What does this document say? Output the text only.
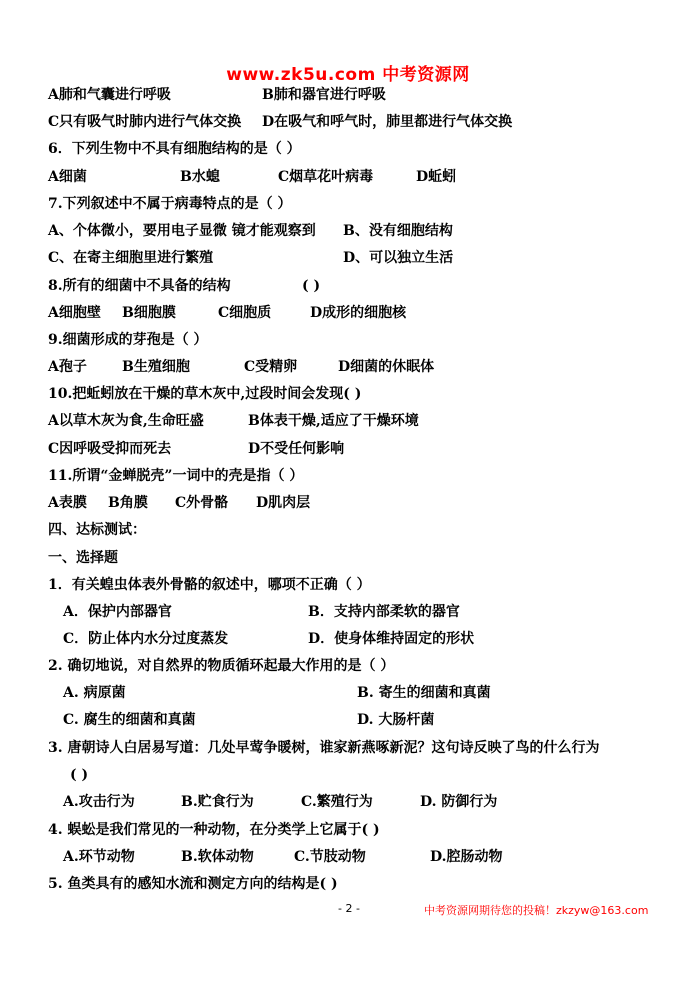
www.zk5u.com 中考资源网
A肺和气囊进行呼吸	B肺和器官进行呼吸
C只有吸气时肺内进行气体交换 D在吸气和呼气时，肺里都进行气体交换
6．下列生物中不具有细胞结构的是（ ）
A细菌	B水螅	C烟草花叶病毒	D蚯蚓
7.下列叙述中不属于病毒特点的是（ ）
A、个体微小，要用电子显微 镜才能观察到 B、没有细胞结构
C、在寄主细胞里进行繁殖	D、可以独立生活
8.所有的细菌中不具备的结构	( )
A细胞壁 B细胞膜	C细胞质	D成形的细胞核
9.细菌形成的芽孢是（ ）
A孢子	B生殖细胞	C受精卵	D细菌的休眠体
10.把蚯蚓放在干燥的草木灰中,过段时间会发现( )
A以草木灰为食,生命旺盛	B体表干燥,适应了干燥环境
C因呼吸受抑而死去	D不受任何影响
11.所谓“金蝉脱壳”一词中的壳是指（ ）
A表膜 B角膜 C外骨骼 D肌肉层
四、达标测试：
一、选择题
1．有关蝗虫体表外骨骼的叙述中，哪项不正确（ ）
A．保护内部器官	B．支持内部柔软的器官
C．防止体内水分过度蒸发	D．使身体维持固定的形状
2. 确切地说，对自然界的物质循环起最大作用的是（ ）
A. 病原菌	B. 寄生的细菌和真菌
C. 腐生的细菌和真菌	D. 大肠杆菌
3. 唐朝诗人白居易写道：几处早莺争暖树，谁家新燕啄新泥？这句诗反映了鸟的什么行为
( )
A.攻击行为	B.贮食行为	C.繁殖行为	D. 防御行为
4. 蜈蚣是我们常见的一种动物，在分类学上它属于( )
A.环节动物	B.软体动物	C.节肢动物	D.腔肠动物
5. 鱼类具有的感知水流和测定方向的结构是( )
- 2 -	中考资源网期待您的投稿！zkzyw@163.com
